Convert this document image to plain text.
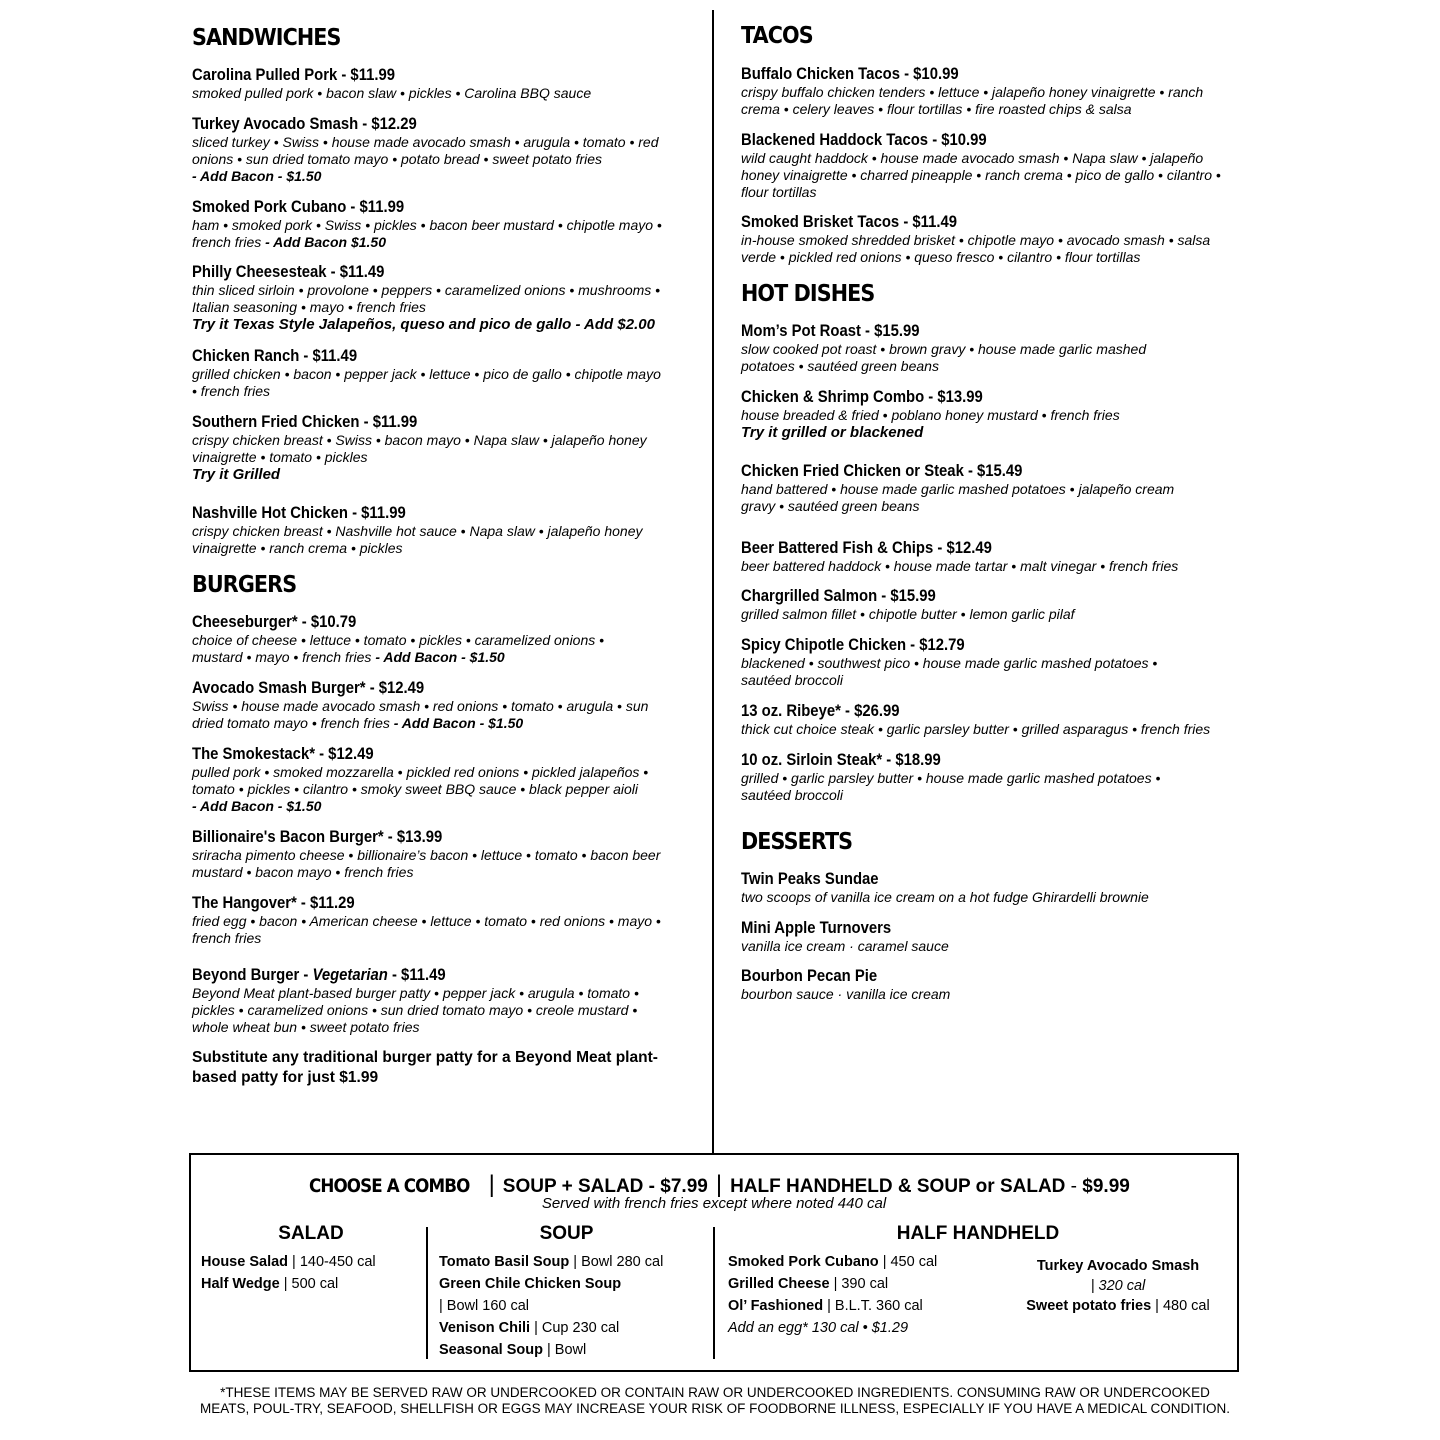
SANDWICHES
Carolina Pulled Pork - $11.99
smoked pulled pork • bacon slaw • pickles • Carolina BBQ sauce
Turkey Avocado Smash - $12.29
sliced turkey • Swiss • house made avocado smash • arugula • tomato • red onions • sun dried tomato mayo • potato bread • sweet potato fries
- Add Bacon - $1.50
Smoked Pork Cubano - $11.99
ham • smoked pork • Swiss • pickles • bacon beer mustard • chipotle mayo • french fries - Add Bacon $1.50
Philly Cheesesteak - $11.49
thin sliced sirloin • provolone • peppers • caramelized onions • mushrooms • Italian seasoning • mayo • french fries
Try it Texas Style Jalapeños, queso and pico de gallo - Add $2.00
Chicken Ranch - $11.49
grilled chicken • bacon • pepper jack • lettuce • pico de gallo • chipotle mayo • french fries
Southern Fried Chicken - $11.99
crispy chicken breast • Swiss • bacon mayo • Napa slaw • jalapeño honey vinaigrette • tomato • pickles
Try it Grilled
Nashville Hot Chicken - $11.99
crispy chicken breast • Nashville hot sauce • Napa slaw • jalapeño honey vinaigrette • ranch crema • pickles
BURGERS
Cheeseburger* - $10.79
choice of cheese • lettuce • tomato • pickles • caramelized onions • mustard • mayo • french fries - Add Bacon - $1.50
Avocado Smash Burger* - $12.49
Swiss • house made avocado smash • red onions • tomato • arugula • sun dried tomato mayo • french fries - Add Bacon - $1.50
The Smokestack* - $12.49
pulled pork • smoked mozzarella • pickled red onions • pickled jalapeños • tomato • pickles • cilantro • smoky sweet BBQ sauce • black pepper aioli
- Add Bacon - $1.50
Billionaire's Bacon Burger* - $13.99
sriracha pimento cheese • billionaire’s bacon • lettuce • tomato • bacon beer mustard • bacon mayo • french fries
The Hangover* - $11.29
fried egg • bacon • American cheese • lettuce • tomato • red onions • mayo • french fries
Beyond Burger - Vegetarian - $11.49
Beyond Meat plant-based burger patty • pepper jack • arugula • tomato • pickles • caramelized onions • sun dried tomato mayo • creole mustard • whole wheat bun • sweet potato fries
Substitute any traditional burger patty for a Beyond Meat plant-based patty for just $1.99
TACOS
Buffalo Chicken Tacos - $10.99
crispy buffalo chicken tenders • lettuce • jalapeño honey vinaigrette • ranch crema • celery leaves • flour tortillas • fire roasted chips & salsa
Blackened Haddock Tacos - $10.99
wild caught haddock • house made avocado smash • Napa slaw • jalapeño honey vinaigrette • charred pineapple • ranch crema • pico de gallo • cilantro • flour tortillas
Smoked Brisket Tacos - $11.49
in-house smoked shredded brisket • chipotle mayo • avocado smash • salsa verde • pickled red onions • queso fresco • cilantro • flour tortillas
HOT DISHES
Mom’s Pot Roast - $15.99
slow cooked pot roast • brown gravy • house made garlic mashed potatoes • sautéed green beans
Chicken & Shrimp Combo - $13.99
house breaded & fried • poblano honey mustard • french fries
Try it grilled or blackened
Chicken Fried Chicken or Steak - $15.49
hand battered • house made garlic mashed potatoes • jalapeño cream gravy • sautéed green beans
Beer Battered Fish & Chips - $12.49
beer battered haddock • house made tartar • malt vinegar • french fries
Chargrilled Salmon - $15.99
grilled salmon fillet • chipotle butter • lemon garlic pilaf
Spicy Chipotle Chicken - $12.79
blackened • southwest pico • house made garlic mashed potatoes • sautéed broccoli
13 oz. Ribeye* - $26.99
thick cut choice steak • garlic parsley butter • grilled asparagus • french fries
10 oz. Sirloin Steak* - $18.99
grilled • garlic parsley butter • house made garlic mashed potatoes • sautéed broccoli
DESSERTS
Twin Peaks Sundae
two scoops of vanilla ice cream on a hot fudge Ghirardelli brownie
Mini Apple Turnovers
vanilla ice cream · caramel sauce
Bourbon Pecan Pie
bourbon sauce · vanilla ice cream
CHOOSE A COMBO | SOUP + SALAD - $7.99 | HALF HANDHELD & SOUP or SALAD - $9.99
Served with french fries except where noted 440 cal
SALAD
House Salad | 140-450 cal
Half Wedge | 500 cal
SOUP
Tomato Basil Soup | Bowl 280 cal
Green Chile Chicken Soup
| Bowl 160 cal
Venison Chili | Cup 230 cal
Seasonal Soup | Bowl
HALF HANDHELD
Smoked Pork Cubano | 450 cal
Grilled Cheese | 390 cal
Ol’ Fashioned | B.L.T. 360 cal
Add an egg* 130 cal • $1.29
Turkey Avocado Smash
| 320 cal
Sweet potato fries | 480 cal
*THESE ITEMS MAY BE SERVED RAW OR UNDERCOOKED OR CONTAIN RAW OR UNDERCOOKED INGREDIENTS. CONSUMING RAW OR UNDERCOOKED MEATS, POUL-TRY, SEAFOOD, SHELLFISH OR EGGS MAY INCREASE YOUR RISK OF FOODBORNE ILLNESS, ESPECIALLY IF YOU HAVE A MEDICAL CONDITION.
